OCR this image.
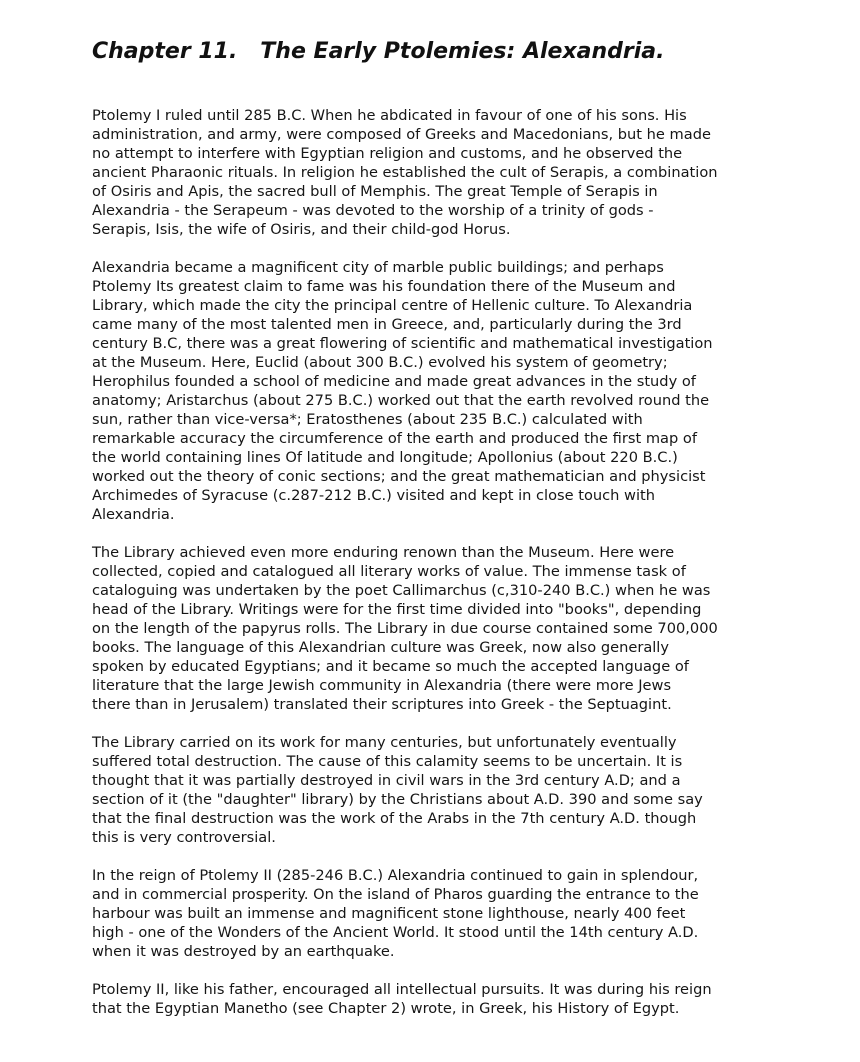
Chapter 11.   The Early Ptolemies: Alexandria.

Ptolemy I ruled until 285 B.C. When he abdicated in favour of one of his sons. His
administration, and army, were composed of Greeks and Macedonians, but he made
no attempt to interfere with Egyptian religion and customs, and he observed the
ancient Pharaonic rituals. In religion he established the cult of Serapis, a combination
of Osiris and Apis, the sacred bull of Memphis. The great Temple of Serapis in
Alexandria - the Serapeum - was devoted to the worship of a trinity of gods -
Serapis, Isis, the wife of Osiris, and their child-god Horus.

Alexandria became a magnificent city of marble public buildings; and perhaps
Ptolemy Its greatest claim to fame was his foundation there of the Museum and
Library, which made the city the principal centre of Hellenic culture. To Alexandria
came many of the most talented men in Greece, and, particularly during the 3rd
century B.C, there was a great flowering of scientific and mathematical investigation
at the Museum. Here, Euclid (about 300 B.C.) evolved his system of geometry;
Herophilus founded a school of medicine and made great advances in the study of
anatomy; Aristarchus (about 275 B.C.) worked out that the earth revolved round the
sun, rather than vice-versa*; Eratosthenes (about 235 B.C.) calculated with
remarkable accuracy the circumference of the earth and produced the first map of
the world containing lines Of latitude and longitude; Apollonius (about 220 B.C.)
worked out the theory of conic sections; and the great mathematician and physicist
Archimedes of Syracuse (c.287-212 B.C.) visited and kept in close touch with
Alexandria.

The Library achieved even more enduring renown than the Museum. Here were
collected, copied and catalogued all literary works of value. The immense task of
cataloguing was undertaken by the poet Callimarchus (c,310-240 B.C.) when he was
head of the Library. Writings were for the first time divided into "books", depending
on the length of the papyrus rolls. The Library in due course contained some 700,000
books. The language of this Alexandrian culture was Greek, now also generally
spoken by educated Egyptians; and it became so much the accepted language of
literature that the large Jewish community in Alexandria (there were more Jews
there than in Jerusalem) translated their scriptures into Greek - the Septuagint.

The Library carried on its work for many centuries, but unfortunately eventually
suffered total destruction. The cause of this calamity seems to be uncertain. It is
thought that it was partially destroyed in civil wars in the 3rd century A.D; and a
section of it (the "daughter" library) by the Christians about A.D. 390 and some say
that the final destruction was the work of the Arabs in the 7th century A.D. though
this is very controversial.

In the reign of Ptolemy II (285-246 B.C.) Alexandria continued to gain in splendour,
and in commercial prosperity. On the island of Pharos guarding the entrance to the
harbour was built an immense and magnificent stone lighthouse, nearly 400 feet
high - one of the Wonders of the Ancient World. It stood until the 14th century A.D.
when it was destroyed by an earthquake.

Ptolemy II, like his father, encouraged all intellectual pursuits. It was during his reign
that the Egyptian Manetho (see Chapter 2) wrote, in Greek, his History of Egypt.
